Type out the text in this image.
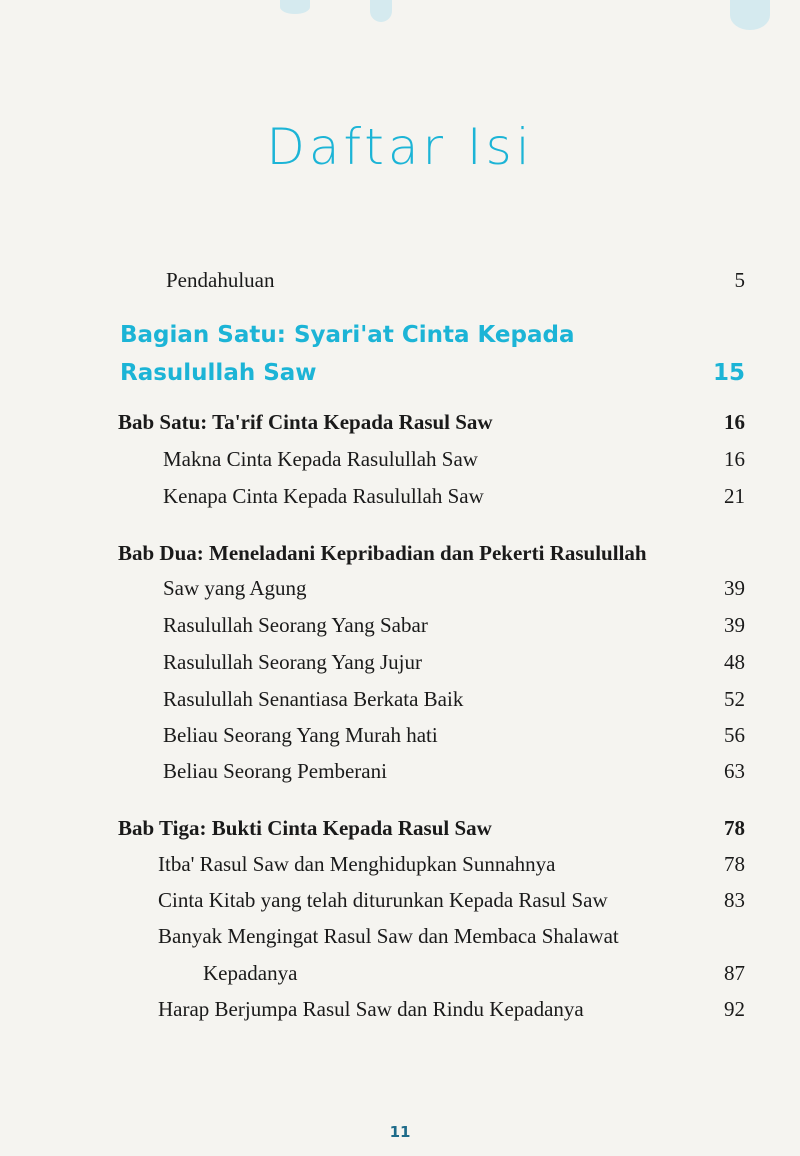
Daftar Isi
Pendahuluan	5
Bagian Satu: Syari'at Cinta Kepada
Rasulullah Saw	15
Bab Satu: Ta'rif Cinta Kepada Rasul Saw	16
Makna Cinta Kepada Rasulullah Saw	16
Kenapa Cinta Kepada Rasulullah Saw	21
Bab Dua: Meneladani Kepribadian dan Pekerti Rasulullah
Saw yang Agung	39
Rasulullah Seorang Yang Sabar	39
Rasulullah Seorang Yang Jujur	48
Rasulullah Senantiasa Berkata Baik	52
Beliau Seorang Yang Murah hati	56
Beliau Seorang Pemberani	63
Bab Tiga: Bukti Cinta Kepada Rasul Saw	78
Itba' Rasul Saw dan Menghidupkan Sunnahnya	78
Cinta Kitab yang telah diturunkan Kepada Rasul Saw	83
Banyak Mengingat Rasul Saw dan Membaca Shalawat
Kepadanya	87
Harap Berjumpa Rasul Saw dan Rindu Kepadanya	92
11
